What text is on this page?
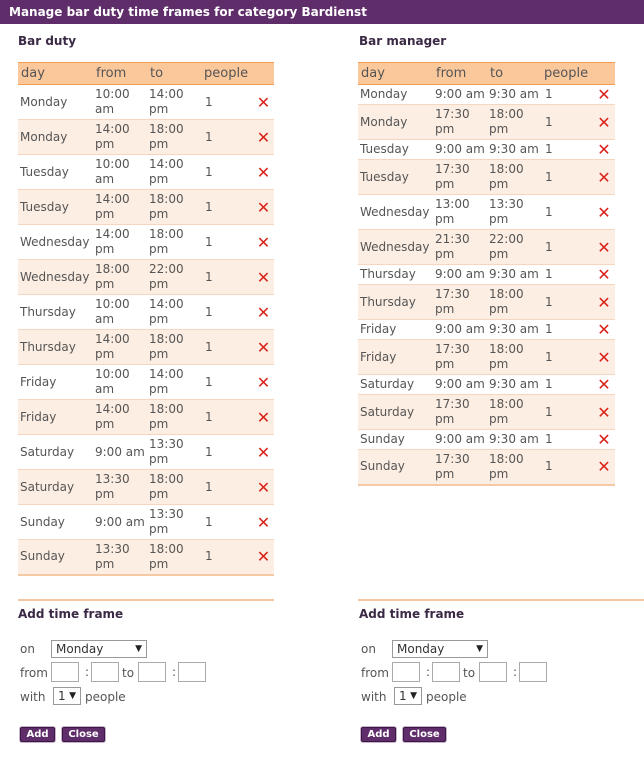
Manage bar duty time frames for category Bardienst
Bar duty
day	from	to	people	
Monday	10:00 am	14:00 pm	1	✕
Monday	14:00 pm	18:00 pm	1	✕
Tuesday	10:00 am	14:00 pm	1	✕
Tuesday	14:00 pm	18:00 pm	1	✕
Wednesday	14:00 pm	18:00 pm	1	✕
Wednesday	18:00 pm	22:00 pm	1	✕
Thursday	10:00 am	14:00 pm	1	✕
Thursday	14:00 pm	18:00 pm	1	✕
Friday	10:00 am	14:00 pm	1	✕
Friday	14:00 pm	18:00 pm	1	✕
Saturday	9:00 am	13:30 pm	1	✕
Saturday	13:30 pm	18:00 pm	1	✕
Sunday	9:00 am	13:30 pm	1	✕
Sunday	13:30 pm	18:00 pm	1	✕
Bar manager
day	from	to	people	
Monday	9:00 am	9:30 am	1	✕
Monday	17:30 pm	18:00 pm	1	✕
Tuesday	9:00 am	9:30 am	1	✕
Tuesday	17:30 pm	18:00 pm	1	✕
Wednesday	13:00 pm	13:30 pm	1	✕
Wednesday	21:30 pm	22:00 pm	1	✕
Thursday	9:00 am	9:30 am	1	✕
Thursday	17:30 pm	18:00 pm	1	✕
Friday	9:00 am	9:30 am	1	✕
Friday	17:30 pm	18:00 pm	1	✕
Saturday	9:00 am	9:30 am	1	✕
Saturday	17:30 pm	18:00 pm	1	✕
Sunday	9:00 am	9:30 am	1	✕
Sunday	17:30 pm	18:00 pm	1	✕
Add time frame
on	Monday	▼
from	:	to	:
with	1 ▼ people
Add	Close
Add time frame
on	Monday	▼
from	:	to	:
with	1 ▼ people
Add	Close
